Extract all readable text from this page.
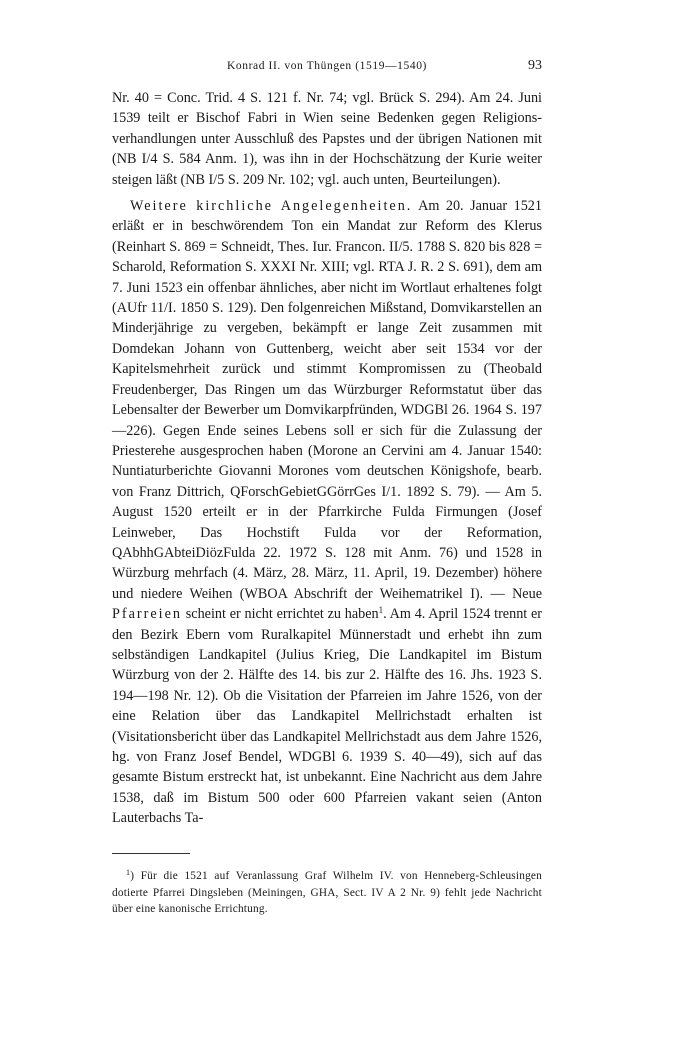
Konrad II. von Thüngen (1519—1540)	93

Nr. 40 = Conc. Trid. 4 S. 121 f. Nr. 74; vgl. Brück S. 294). Am 24. Juni 1539 teilt er Bischof Fabri in Wien seine Bedenken gegen Religionsverhandlungen unter Ausschluß des Papstes und der übrigen Nationen mit (NB I/4 S. 584 Anm. 1), was ihn in der Hochschätzung der Kurie weiter steigen läßt (NB I/5 S. 209 Nr. 102; vgl. auch unten, Beurteilungen).

Weitere kirchliche Angelegenheiten. Am 20. Januar 1521 erläßt er in beschwörendem Ton ein Mandat zur Reform des Klerus (Reinhart S. 869 = Schneidt, Thes. Iur. Francon. II/5. 1788 S. 820 bis 828 = Scharold, Reformation S. XXXI Nr. XIII; vgl. RTA J. R. 2 S. 691), dem am 7. Juni 1523 ein offenbar ähnliches, aber nicht im Wortlaut erhaltenes folgt (AUfr 11/I. 1850 S. 129). Den folgenreichen Mißstand, Domvikarstellen an Minderjährige zu vergeben, bekämpft er lange Zeit zusammen mit Domdekan Johann von Guttenberg, weicht aber seit 1534 vor der Kapitelsmehrheit zurück und stimmt Kompromissen zu (Theobald Freudenberger, Das Ringen um das Würzburger Reformstatut über das Lebensalter der Bewerber um Domvikarpfründen, WDGBl 26. 1964 S. 197—226). Gegen Ende seines Lebens soll er sich für die Zulassung der Priesterehe ausgesprochen haben (Morone an Cervini am 4. Januar 1540: Nuntiaturberichte Giovanni Morones vom deutschen Königshofe, bearb. von Franz Dittrich, QForschGebietGGörrGes I/1. 1892 S. 79). — Am 5. August 1520 erteilt er in der Pfarrkirche Fulda Firmungen (Josef Leinweber, Das Hochstift Fulda vor der Reformation, QAbhhGAbteiDiözFulda 22. 1972 S. 128 mit Anm. 76) und 1528 in Würzburg mehrfach (4. März, 28. März, 11. April, 19. Dezember) höhere und niedere Weihen (WBOA Abschrift der Weihematrikel I). — Neue Pfarreien scheint er nicht errichtet zu haben$^1$. Am 4. April 1524 trennt er den Bezirk Ebern vom Ruralkapitel Münnerstadt und erhebt ihn zum selbständigen Landkapitel (Julius Krieg, Die Landkapitel im Bistum Würzburg von der 2. Hälfte des 14. bis zur 2. Hälfte des 16. Jhs. 1923 S. 194—198 Nr. 12). Ob die Visitation der Pfarreien im Jahre 1526, von der eine Relation über das Landkapitel Mellrichstadt erhalten ist (Visitationsbericht über das Landkapitel Mellrichstadt aus dem Jahre 1526, hg. von Franz Josef Bendel, WDGBl 6. 1939 S. 40—49), sich auf das gesamte Bistum erstreckt hat, ist unbekannt. Eine Nachricht aus dem Jahre 1538, daß im Bistum 500 oder 600 Pfarreien vakant seien (Anton Lauterbachs Ta-

$^1$) Für die 1521 auf Veranlassung Graf Wilhelm IV. von Henneberg-Schleusingen dotierte Pfarrei Dingsleben (Meiningen, GHA, Sect. IV A 2 Nr. 9) fehlt jede Nachricht über eine kanonische Errichtung.
